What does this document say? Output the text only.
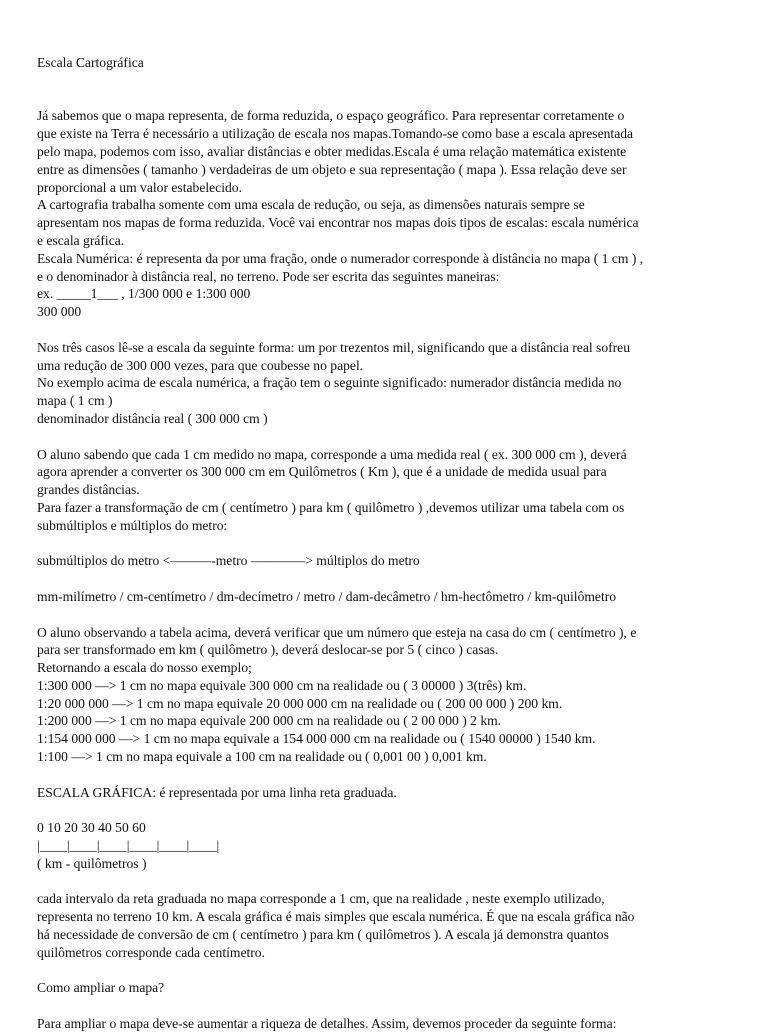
Escala Cartográfica
Já sabemos que o mapa representa, de forma reduzida, o espaço geográfico. Para representar corretamente o
que existe na Terra é necessário a utilização de escala nos mapas.Tomando-se como base a escala apresentada
pelo mapa, podemos com isso, avaliar distâncias e obter medidas.Escala é uma relação matemática existente
entre as dimensões ( tamanho ) verdadeiras de um objeto e sua representação ( mapa ). Essa relação deve ser
proporcional a um valor estabelecido.
A cartografia trabalha somente com uma escala de redução, ou seja, as dimensões naturais sempre se
apresentam nos mapas de forma reduzida. Você vai encontrar nos mapas dois tipos de escalas: escala numérica
e escala gráfica.
Escala Numérica: é representa da por uma fração, onde o numerador corresponde à distância no mapa ( 1 cm ) ,
e o denominador à distância real, no terreno. Pode ser escrita das seguintes maneiras:
ex. _____1___ , 1/300 000 e 1:300 000
300 000
Nos três casos lê-se a escala da seguinte forma: um por trezentos mil, significando que a distância real sofreu
uma redução de 300 000 vezes, para que coubesse no papel.
No exemplo acima de escala numérica, a fração tem o seguinte significado: numerador distância medida no
mapa ( 1 cm )
denominador distância real ( 300 000 cm )
O aluno sabendo que cada 1 cm medido no mapa, corresponde a uma medida real ( ex. 300 000 cm ), deverá
agora aprender a converter os 300 000 cm em Quilômetros ( Km ), que é a unidade de medida usual para
grandes distâncias.
Para fazer a transformação de cm ( centímetro ) para km ( quilômetro ) ,devemos utilizar uma tabela com os
submúltiplos e múltiplos do metro:
submúltiplos do metro <———-metro ————> múltiplos do metro
mm-milímetro / cm-centímetro / dm-decímetro / metro / dam-decâmetro / hm-hectômetro / km-quilômetro
O aluno observando a tabela acima, deverá verificar que um número que esteja na casa do cm ( centímetro ), e
para ser transformado em km ( quilômetro ), deverá deslocar-se por 5 ( cinco ) casas.
Retornando a escala do nosso exemplo;
1:300 000 —> 1 cm no mapa equivale 300 000 cm na realidade ou ( 3 00000 ) 3(três) km.
1:20 000 000 —> 1 cm no mapa equivale 20 000 000 cm na realidade ou ( 200 00 000 ) 200 km.
1:200 000 —> 1 cm no mapa equivale 200 000 cm na realidade ou ( 2 00 000 ) 2 km.
1:154 000 000 —> 1 cm no mapa equivale a 154 000 000 cm na realidade ou ( 1540 00000 ) 1540 km.
1:100 —> 1 cm no mapa equivale a 100 cm na realidade ou ( 0,001 00 ) 0,001 km.
ESCALA GRÁFICA: é representada por uma linha reta graduada.
0 10 20 30 40 50 60
|____|____|____|____|____|____|
( km - quilômetros )
cada intervalo da reta graduada no mapa corresponde a 1 cm, que na realidade , neste exemplo utilizado,
representa no terreno 10 km. A escala gráfica é mais simples que escala numérica. É que na escala gráfica não
há necessidade de conversão de cm ( centímetro ) para km ( quilômetros ). A escala já demonstra quantos
quilômetros corresponde cada centímetro.
Como ampliar o mapa?
Para ampliar o mapa deve-se aumentar a riqueza de detalhes. Assim, devemos proceder da seguinte forma:
